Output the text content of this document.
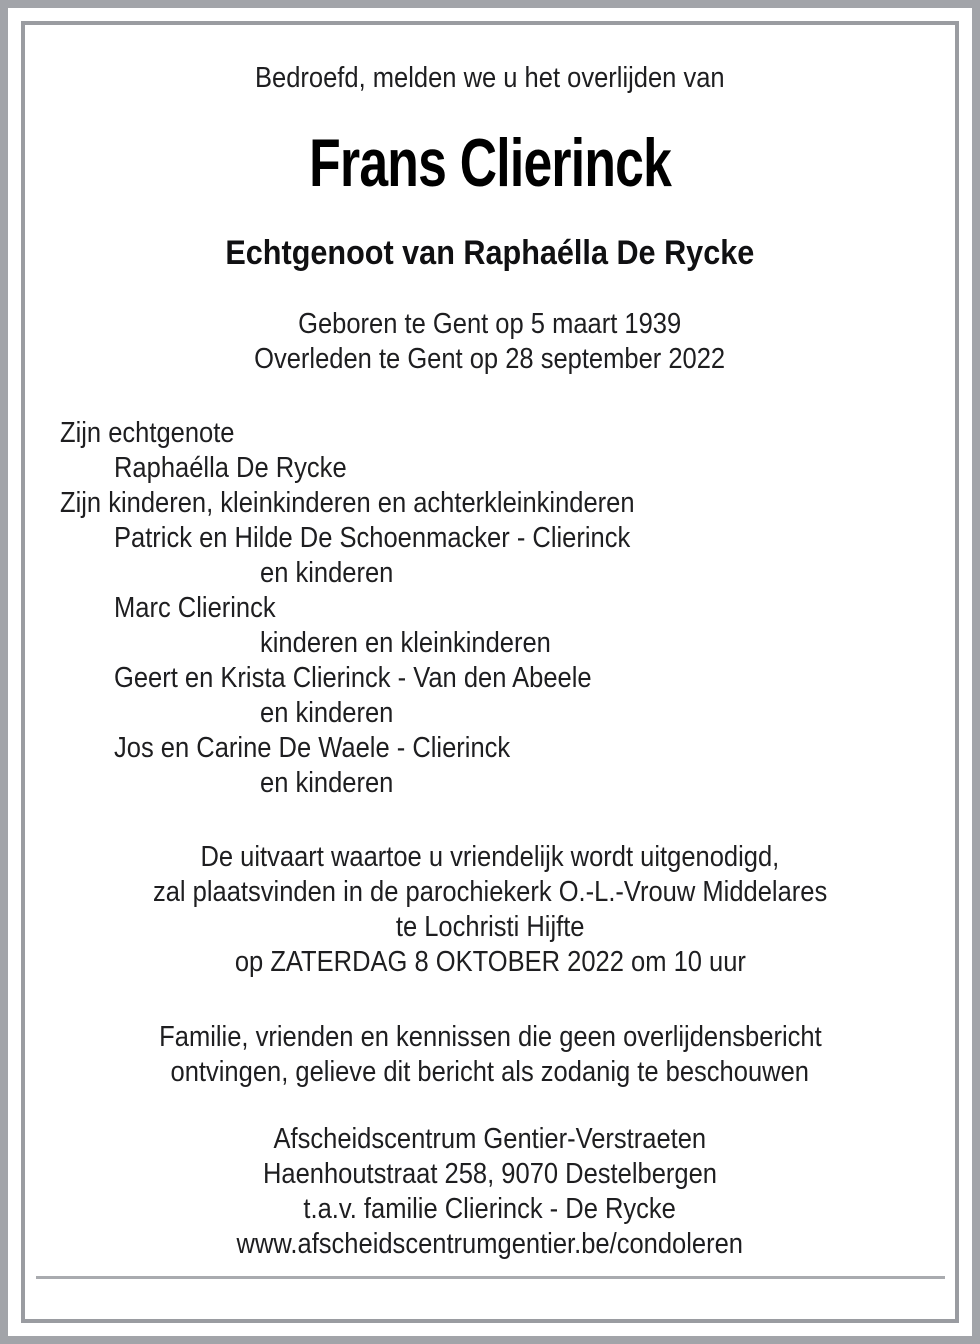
Bedroefd, melden we u het overlijden van
Frans Clierinck
Echtgenoot van Raphaélla De Rycke
Geboren te Gent op 5 maart 1939
Overleden te Gent op 28 september 2022
Zijn echtgenote
Raphaélla De Rycke
Zijn kinderen, kleinkinderen en achterkleinkinderen
Patrick en Hilde De Schoenmacker - Clierinck
en kinderen
Marc Clierinck
kinderen en kleinkinderen
Geert en Krista Clierinck - Van den Abeele
en kinderen
Jos en Carine De Waele - Clierinck
en kinderen
De uitvaart waartoe u vriendelijk wordt uitgenodigd,
zal plaatsvinden in de parochiekerk O.-L.-Vrouw Middelares
te Lochristi Hijfte
op ZATERDAG 8 OKTOBER 2022 om 10 uur
Familie, vrienden en kennissen die geen overlijdensbericht
ontvingen, gelieve dit bericht als zodanig te beschouwen
Afscheidscentrum Gentier-Verstraeten
Haenhoutstraat 258, 9070 Destelbergen
t.a.v. familie Clierinck - De Rycke
www.afscheidscentrumgentier.be/condoleren
